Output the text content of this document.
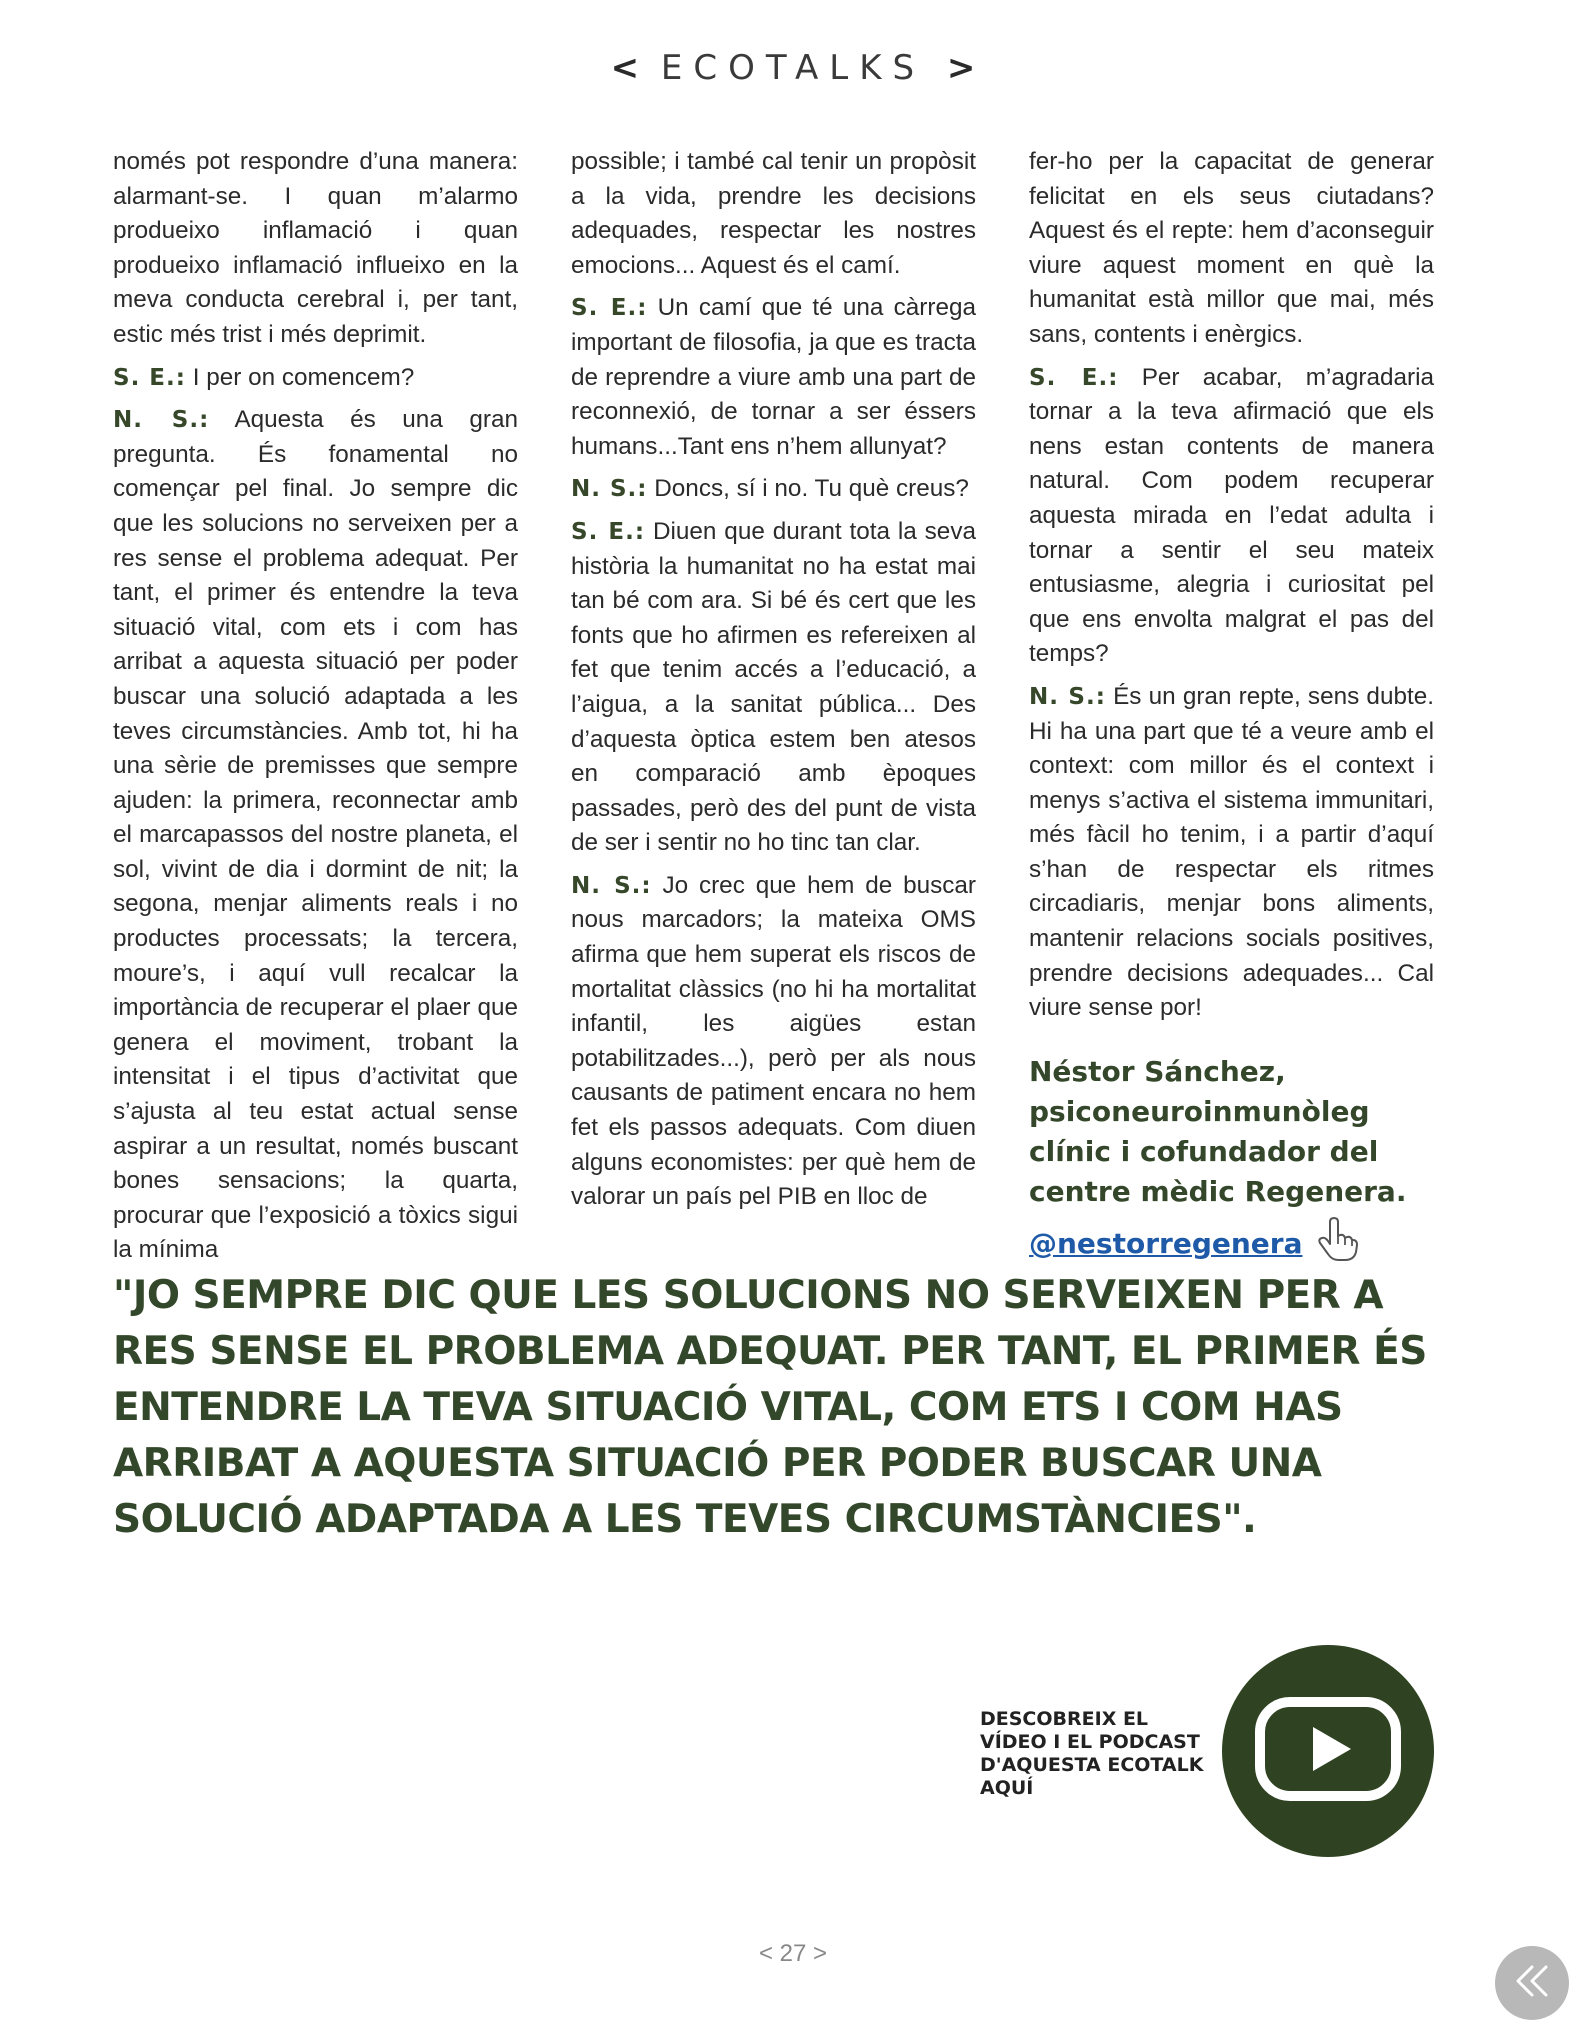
< ECOTALKS >

només pot respondre d’una manera: alarmant-se. I quan m’alarmo produeixo inflamació i quan produeixo inflamació influeixo en la meva conducta cerebral i, per tant, estic més trist i més deprimit.

S. E.: I per on comencem?

N. S.: Aquesta és una gran pregunta. És fonamental no començar pel final. Jo sempre dic que les solucions no serveixen per a res sense el problema adequat. Per tant, el primer és entendre la teva situació vital, com ets i com has arribat a aquesta situació per poder buscar una solució adaptada a les teves circumstàncies. Amb tot, hi ha una sèrie de premisses que sempre ajuden: la primera, reconnectar amb el marcapassos del nostre planeta, el sol, vivint de dia i dormint de nit; la segona, menjar aliments reals i no productes processats; la tercera, moure’s, i aquí vull recalcar la importància de recuperar el plaer que genera el moviment, trobant la intensitat i el tipus d’activitat que s’ajusta al teu estat actual sense aspirar a un resultat, només buscant bones sensacions; la quarta, procurar que l’exposició a tòxics sigui la mínima

possible; i també cal tenir un propòsit a la vida, prendre les decisions adequades, respectar les nostres emocions... Aquest és el camí.

S. E.: Un camí que té una càrrega important de filosofia, ja que es tracta de reprendre a viure amb una part de reconnexió, de tornar a ser éssers humans...Tant ens n’hem allunyat?

N. S.: Doncs, sí i no. Tu què creus?

S. E.: Diuen que durant tota la seva història la humanitat no ha estat mai tan bé com ara. Si bé és cert que les fonts que ho afirmen es refereixen al fet que tenim accés a l’educació, a l’aigua, a la sanitat pública... Des d’aquesta òptica estem ben atesos en comparació amb èpoques passades, però des del punt de vista de ser i sentir no ho tinc tan clar.

N. S.: Jo crec que hem de buscar nous marcadors; la mateixa OMS afirma que hem superat els riscos de mortalitat clàssics (no hi ha mortalitat infantil, les aigües estan potabilitzades...), però per als nous causants de patiment encara no hem fet els passos adequats. Com diuen alguns economistes: per què hem de valorar un país pel PIB en lloc de

fer-ho per la capacitat de generar felicitat en els seus ciutadans? Aquest és el repte: hem d’aconseguir viure aquest moment en què la humanitat està millor que mai, més sans, contents i enèrgics.

S. E.: Per acabar, m’agradaria tornar a la teva afirmació que els nens estan contents de manera natural. Com podem recuperar aquesta mirada en l’edat adulta i tornar a sentir el seu mateix entusiasme, alegria i curiositat pel que ens envolta malgrat el pas del temps?

N. S.: És un gran repte, sens dubte. Hi ha una part que té a veure amb el context: com millor és el context i menys s’activa el sistema immunitari, més fàcil ho tenim, i a partir d’aquí s’han de respectar els ritmes circadiaris, menjar bons aliments, mantenir relacions socials positives, prendre decisions adequades... Cal viure sense por!

Néstor Sánchez,
psiconeuroinmunòleg
clínic i cofundador del
centre mèdic Regenera.
@nestorregenera
"JO SEMPRE DIC QUE LES SOLUCIONS NO SERVEIXEN PER A RES SENSE EL PROBLEMA ADEQUAT. PER TANT, EL PRIMER ÉS ENTENDRE LA TEVA SITUACIÓ VITAL, COM ETS I COM HAS ARRIBAT A AQUESTA SITUACIÓ PER PODER BUSCAR UNA SOLUCIÓ ADAPTADA A LES TEVES CIRCUMSTÀNCIES".
DESCOBREIX EL
VÍDEO I EL PODCAST
D'AQUESTA ECOTALK
AQUÍ
< 27 >
